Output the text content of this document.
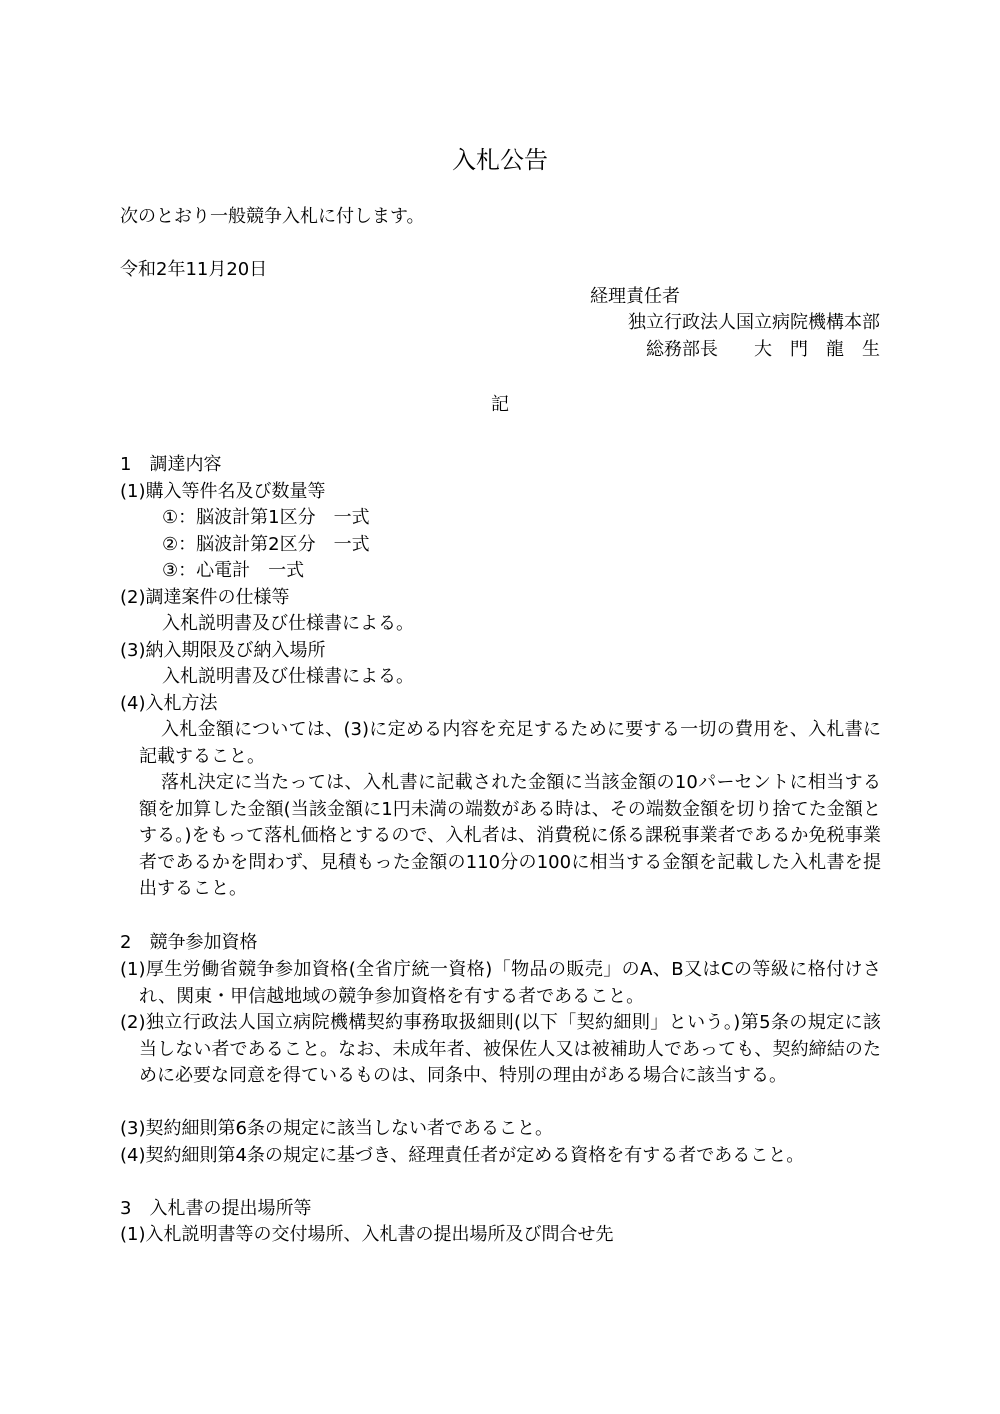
入札公告
次のとおり一般競争入札に付します。
令和2年11月20日
経理責任者
独立行政法人国立病院機構本部
総務部長　　大　門　龍　生
記
1　調達内容
(1)購入等件名及び数量等
①：脳波計第1区分　一式
②：脳波計第2区分　一式
③：心電計　一式
(2)調達案件の仕様等
入札説明書及び仕様書による。
(3)納入期限及び納入場所
入札説明書及び仕様書による。
(4)入札方法
入札金額については、(3)に定める内容を充足するために要する一切の費用を、入札書に記載すること。
落札決定に当たっては、入札書に記載された金額に当該金額の10パーセントに相当する額を加算した金額(当該金額に1円未満の端数がある時は、その端数金額を切り捨てた金額とする。)をもって落札価格とするので、入札者は、消費税に係る課税事業者であるか免税事業者であるかを問わず、見積もった金額の110分の100に相当する金額を記載した入札書を提出すること。
2　競争参加資格
(1)厚生労働省競争参加資格(全省庁統一資格)「物品の販売」のA、B又はCの等級に格付けされ、関東・甲信越地域の競争参加資格を有する者であること。
(2)独立行政法人国立病院機構契約事務取扱細則(以下「契約細則」という。)第5条の規定に該当しない者であること。なお、未成年者、被保佐人又は被補助人であっても、契約締結のために必要な同意を得ているものは、同条中、特別の理由がある場合に該当する。
(3)契約細則第6条の規定に該当しない者であること。
(4)契約細則第4条の規定に基づき、経理責任者が定める資格を有する者であること。
3　入札書の提出場所等
(1)入札説明書等の交付場所、入札書の提出場所及び問合せ先
